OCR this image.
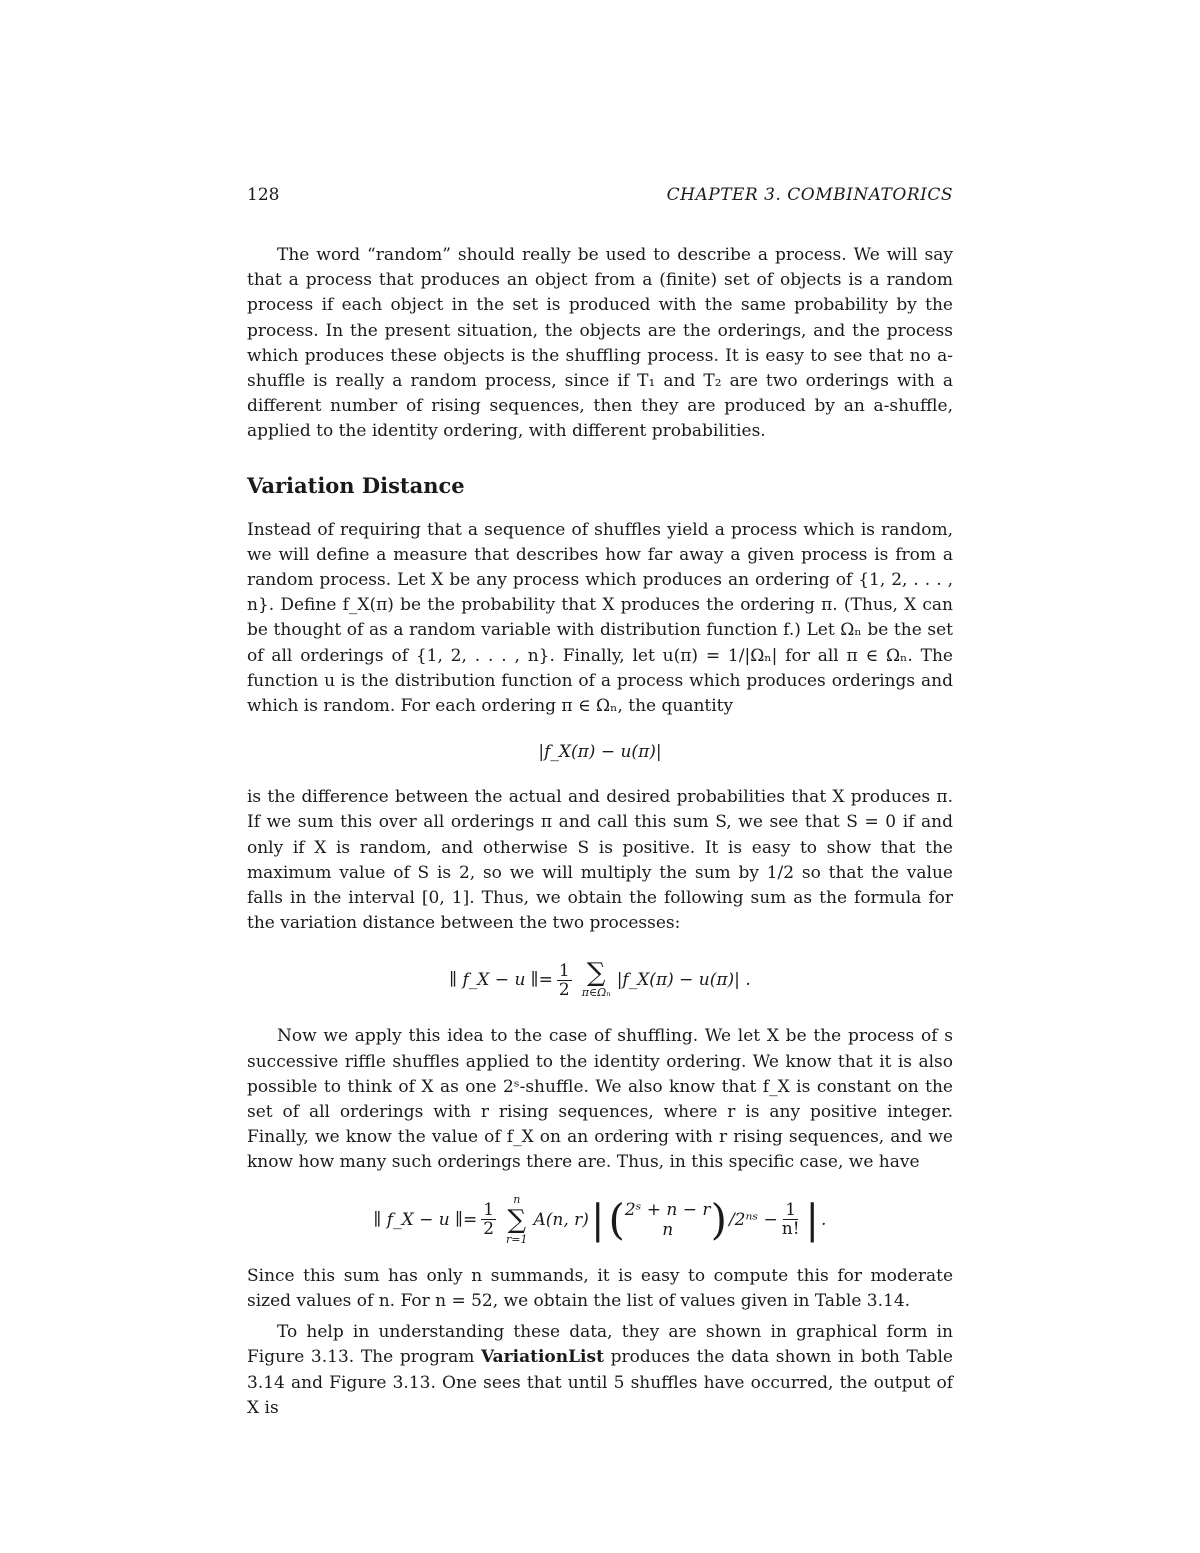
128	CHAPTER 3. COMBINATORICS

The word “random” should really be used to describe a process. We will say that a process that produces an object from a (finite) set of objects is a random process if each object in the set is produced with the same probability by the process. In the present situation, the objects are the orderings, and the process which produces these objects is the shuffling process. It is easy to see that no a-shuffle is really a random process, since if T₁ and T₂ are two orderings with a different number of rising sequences, then they are produced by an a-shuffle, applied to the identity ordering, with different probabilities.

Variation Distance

Instead of requiring that a sequence of shuffles yield a process which is random, we will define a measure that describes how far away a given process is from a random process. Let X be any process which produces an ordering of {1, 2, . . . , n}. Define f_X(π) be the probability that X produces the ordering π. (Thus, X can be thought of as a random variable with distribution function f.) Let Ωₙ be the set of all orderings of {1, 2, . . . , n}. Finally, let u(π) = 1/|Ωₙ| for all π ∈ Ωₙ. The function u is the distribution function of a process which produces orderings and which is random. For each ordering π ∈ Ωₙ, the quantity

|f_X(π) − u(π)|

is the difference between the actual and desired probabilities that X produces π. If we sum this over all orderings π and call this sum S, we see that S = 0 if and only if X is random, and otherwise S is positive. It is easy to show that the maximum value of S is 2, so we will multiply the sum by 1/2 so that the value falls in the interval [0, 1]. Thus, we obtain the following sum as the formula for the variation distance between the two processes:

∥ f_X − u ∥= $\frac{1}{2}$ ∑
π∈Ωₙ
|f_X(π) − u(π)| .

Now we apply this idea to the case of shuffling. We let X be the process of s successive riffle shuffles applied to the identity ordering. We know that it is also possible to think of X as one 2ˢ-shuffle. We also know that f_X is constant on the set of all orderings with r rising sequences, where r is any positive integer. Finally, we know the value of f_X on an ordering with r rising sequences, and we know how many such orderings there are. Thus, in this specific case, we have

∥ f_X − u ∥= $\frac{1}{2}$
n
∑
r=1
A(n, r) | ( 2ˢ + n − r
n ) /2ⁿˢ − $\frac{1}{n!}$ | .

Since this sum has only n summands, it is easy to compute this for moderate sized values of n. For n = 52, we obtain the list of values given in Table 3.14.

To help in understanding these data, they are shown in graphical form in Figure 3.13. The program VariationList produces the data shown in both Table 3.14 and Figure 3.13. One sees that until 5 shuffles have occurred, the output of X is
